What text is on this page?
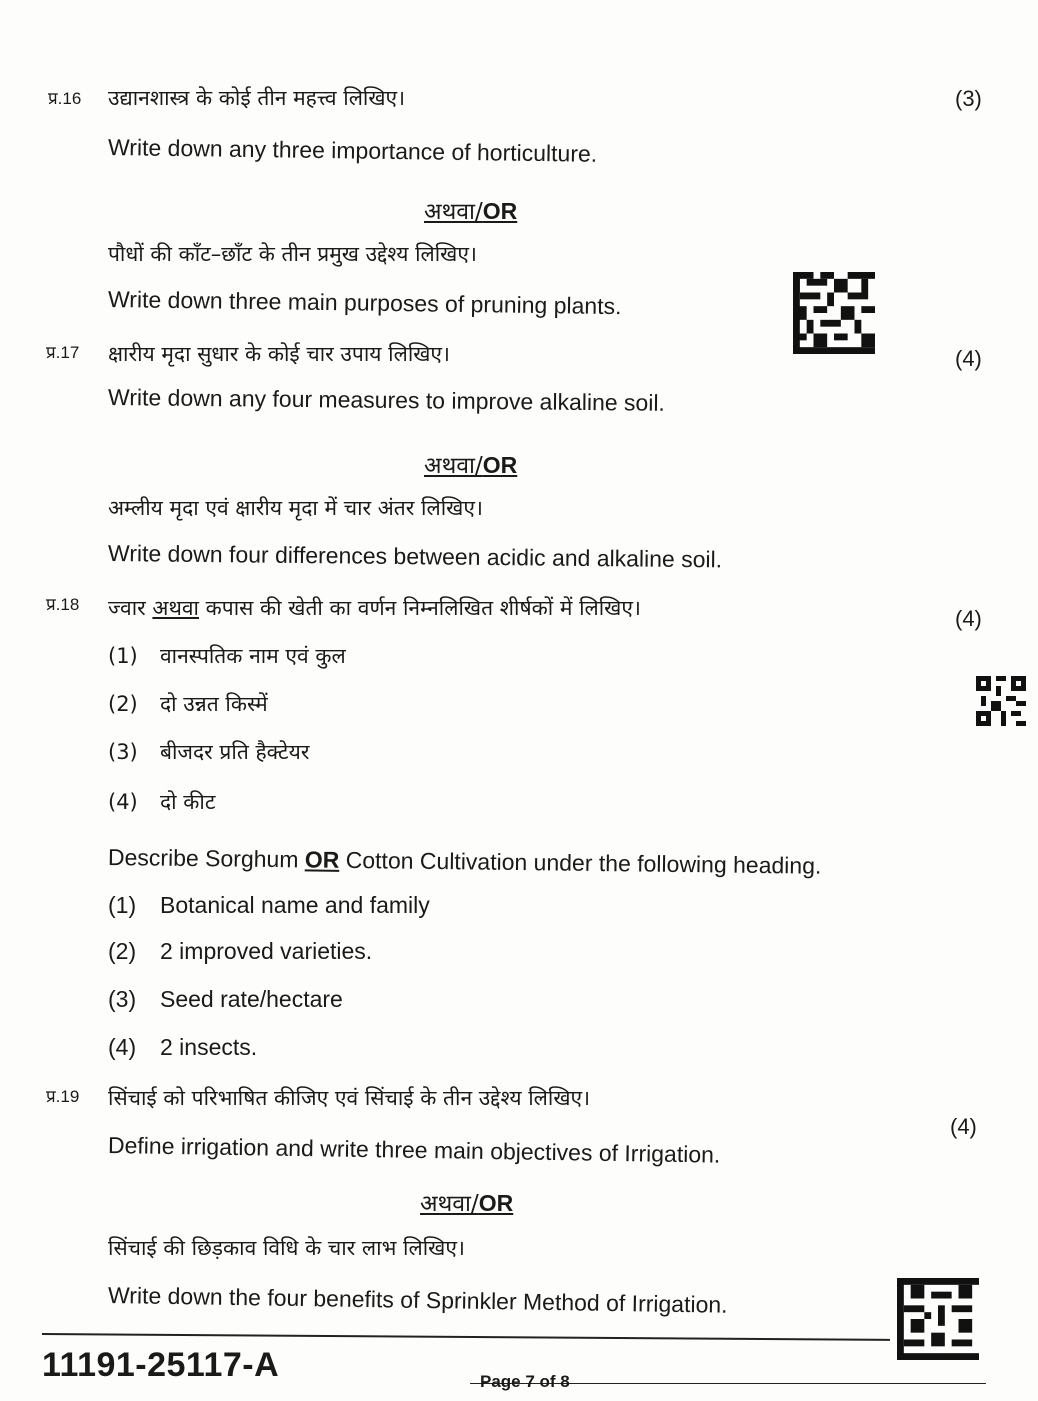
प्र.16 उद्यानशास्त्र के कोई तीन महत्त्व लिखिए।	(3)
Write down any three importance of horticulture.
अथवा/OR
पौधों की काँट–छाँट के तीन प्रमुख उद्देश्य लिखिए।
Write down three main purposes of pruning plants.
प्र.17 क्षारीय मृदा सुधार के कोई चार उपाय लिखिए।	(4)
Write down any four measures to improve alkaline soil.
अथवा/OR
अम्लीय मृदा एवं क्षारीय मृदा में चार अंतर लिखिए।
Write down four differences between acidic and alkaline soil.
प्र.18 ज्वार अथवा कपास की खेती का वर्णन निम्नलिखित शीर्षकों में लिखिए।	(4)
(1) वानस्पतिक नाम एवं कुल
(2) दो उन्नत किस्में
(3) बीजदर प्रति हैक्टेयर
(4) दो कीट
Describe Sorghum OR Cotton Cultivation under the following heading.
(1) Botanical name and family
(2) 2 improved varieties.
(3) Seed rate/hectare
(4) 2 insects.
प्र.19 सिंचाई को परिभाषित कीजिए एवं सिंचाई के तीन उद्देश्य लिखिए।
(4)
Define irrigation and write three main objectives of Irrigation.
अथवा/OR
सिंचाई की छिड़काव विधि के चार लाभ लिखिए।
Write down the four benefits of Sprinkler Method of Irrigation.
11191-25117-A	Page 7 of 8
